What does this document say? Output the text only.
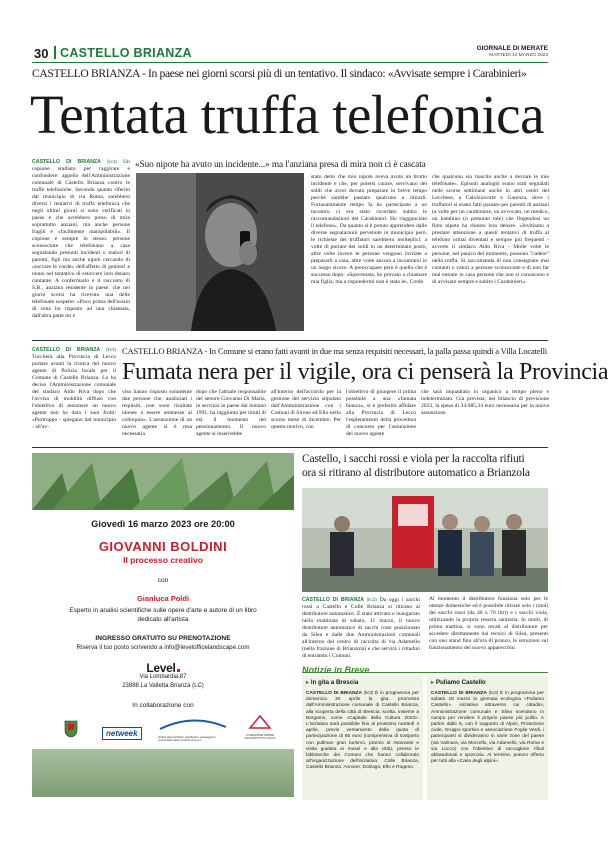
30 CASTELLO BRIANZA	GIORNALE DI MERATE
MARTEDÌ 14 MARZO 2023
CASTELLO BRIANZA - In paese nei giorni scorsi più di un tentativo. Il sindaco: «Avvisate sempre i Carabinieri»
Tentata truffa telefonica
CASTELLO DI BRIANZA (kc3) Un copione studiato per raggirare e confondere: appello dell'Amministrazione comunale di Castello Brianza contro le truffe telefoniche. Secondo quanto riferito dal municipio di via Roma, sarebbero diversi i tentativi di truffa telefonica che negli ultimi giorni si sono verificati in paese e che avrebbero preso di mira soprattutto anziani, ma anche persone fragili e «facilmente manipolabili». Il copione è sempre lo stesso: persone sconosciute che telefonano a casa segnalando presunti incidenti o malori di parenti, figli ma anche nipoti cercando di «toccare le corde» dell'affetto di genitori e nonni nel tentativo di estorcere loro denaro contante. A confermarlo è il racconto di S.B., anziana residente in paese, che nei giorni scorsi ha ricevuto una delle telefonate sospette: «Poco prima dell'orario di cena ho risposto ad una chiamata, dall'altra parte mi è
«Suo nipote ha avuto un incidente...» ma l'anziana presa di mira non ci è cascata
stato detto che mio nipote aveva avuto un brutto incidente e che, per potersi curare, servivano dei soldi che avrei dovuto preparare in breve tempo perché sarebbe passato qualcuno a ritirarli. Fortunatamente tempo fa ho partecipato a un incontro ci era stato ricordato subito le raccomandazioni dei Carabinieri. Ho riagganciato il telefono». Da quanto si è potuto apprendere dalle diverse segnalazioni pervenute in municipio però, le richieste dei truffatori sarebbero molteplici: a volte di portare dei soldi in un determinato posto, altre volte invece le persone vengono invitate a prepararli a casa, altre volte ancora a incontrarsi in un luogo sicuro. A preoccupare però è quello che è successo dopo: «Spaventata, ho provato a chiamare mia figlia, ma a rispondermi non è stata lei. Credo
che qualcuno sia riuscito anche a deviare le mie telefonate». Episodi analoghi erano stati segnalati nelle scorse settimane anche in altri centri del Lecchese, a Calolziocorte e Garenza, dove i truffatori si erano fatti passare per parenti di anziani (a volte per un carabiniere, un avvocato, un medico, un bambino (o presunto tale) che fingendosi un finto nipote ha chiesto loro denaro. «Invitiamo a prestare attenzione a questi tentativi di truffa al telefono ormai diventati e sempre più frequenti - avverte il sindaco Aldo Riva - Molte volte le persone, nel panico del momento, possono "cadere" nella truffa. Si raccomanda di non consegnare mai contanti o valori a persone sconosciute e di non far mai entrare in casa persone che non si conoscono e di avvisare sempre e subito i Carabinieri».
CASTELLO DI BRIANZA (kc3) Toccherà alla Provincia di Lecco portare avanti la ricerca del nuovo agente di Polizia locale per il Comune di Castello Brianza. Lo ha deciso l'Amministrazione comunale del sindaco Aldo Riva dopo che l'avviso di mobilità diffuso con l'obiettivo di assumere un nuovo agente non ha dato i suoi frutti: «Purtroppo - spiegano dal municipio - all'av-
CASTELLO BRIANZA - In Comune si erano fatti avanti in due ma senza requisiti necessari, la palla passa quindi a Villa Locatelli
Fumata nera per il vigile, ora ci penserà la Provincia
viso hanno risposto solamente due persone che, analizzati i requisiti, non sono risultate idonee a essere ammesse al colloquio». L'assunzione di un nuovo agente si è resa necessaria
dopo che l'attuale responsabile del settore Giovanni Di Maria, in servizio in paese dal lontano 1991, ha raggiunto per limiti di età il momento del pensionamento. Il nuovo agente si inserirebbe
all'interno dell'accordo per la gestione del servizio stipulato dall'Amministrazione con i Comuni di Sirone ed Ello nello scorso mese di dicembre. Per questo motivo, con
l'obiettivo di giungere il prima possibile a una «fumata bianca», si è preferito affidare alla Provincia di Lecco l'espletamento della procedura di concorso per l'assunzione del nuovo agente
che sarà inquadrato in organico a tempo pieno e indeterminato. Già prevista, nel bilancio di previsione 2023, la spesa di 34.085,34 euro necessaria per la nuova assunzione.
Giovedì 16 marzo 2023 ore 20:00
GIOVANNI BOLDINI
Il processo creativo
con
Gianluca Poldi
Esperto in analisi scientifiche sulle opere d'arte e autore di un libro dedicato all'artista
INGRESSO GRATUITO SU PRENOTAZIONE
Riserva il tuo posto scrivendo a info@levelofficelandscape.com
Level
Via Lombardia,87
23888 La Valletta Brianza (LC)
In collaborazione con
netweek	Ordine degli architetti, pianificatori, paesaggisti e conservatori della provincia di Lecco
FONDAZIONE ORDINE ARCHITETTI PPC LECCO
Castello, i sacchi rossi e viola per la raccolta rifiuti
ora si ritirano al distributore automatico a Brianzola
CASTELLO DI BRIANZA (kc3) Da oggi i sacchi rossi a Castello e Colle Brianza si ritirano al distributore automatico. È stato attivato e inaugurato nella mattinata di sabato, 11 marzo, il nuovo distributore automatico di sacchi rossi posizionato da Silea e dalle due Amministrazioni comunali all'interno del centro di raccolta di via Adamello (nella frazione di Brianzola) e che servirà i cittadini di entrambi i Comuni.
Al momento il distributore funziona solo per le utenze domestiche ed è possibile ritirare solo i rotoli dei sacchi rossi (da 40 o 70 litri) e i sacchi viola, utilizzando la propria tessera sanitaria. In molti, di prima mattina, si sono recati al distributore per accedere direttamente dai tecnici di Silea, presenti con uno stand fino all'ora di pranzo, le istruzioni sul funzionamento del nuovo apparecchio.
Notizie in Breve
▸ In gita a Brescia
CASTELLO DI BRIANZA (kc3) È in programma per domenica 30 aprile la gita, promossa dall'Amministrazione comunale di Castello Brianza, alla scoperta della città di Brescia, scelta, insieme a Bergamo, come «Capitale della Cultura 2023». L'iniziativa sarà possibile fino al prossimo martedì 4 aprile, previo versamento della quota di partecipazione di 85 euro (comprensiva di trasporto con pullman gran turismo, pranzo al ristorante e visita guidata ai musei e alla città), presso le biblioteche dei Comuni che hanno collaborato all'organizzazione dell'iniziativa: Colle Brianza, Castello Brianza, Annone, Dolzago, Ello e Rogeno.
▸ Puliamo Castello
CASTELLO DI BRIANZA (kc3) È in programma per sabato 18 marzo la giornata ecologica «Puliamo Castello», iniziativa attraverso cui cittadini, Amministrazione comunale e Silea scendono in campo per rendere il proprio paese più pulito. A partire dalle 8, con il supporto di Alpini, Protezione civile, Gruppo sportivo e associazione Foglie Verdi, i partecipanti si divideranno in varie zone del paese (via Valmara, via Morcello, via Adamello, via Roma e via Locco) con l'obiettivo di raccogliere rifiuti abbandonati e sporcizia. Al termine, pranzo offerto per tutti alla «Casa degli alpini».
